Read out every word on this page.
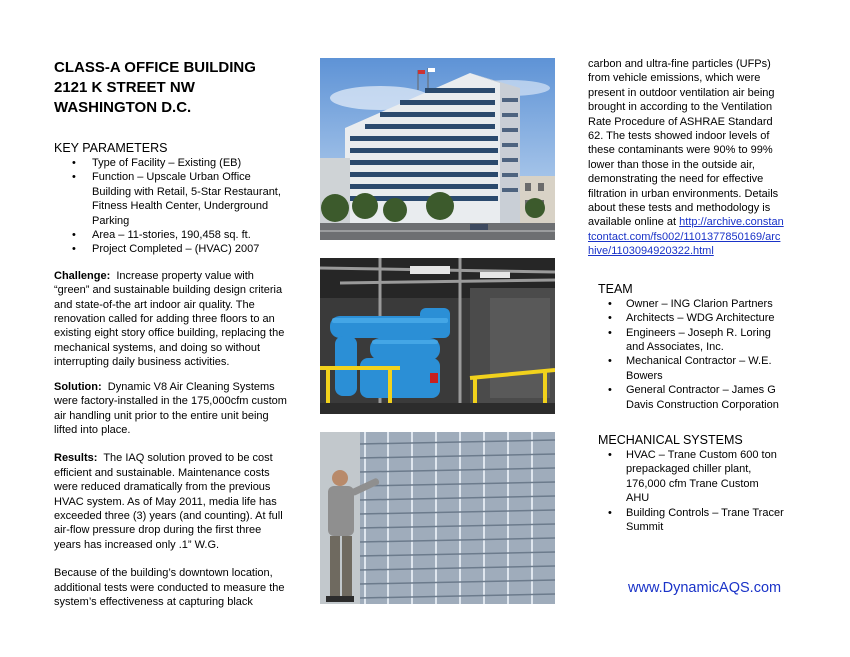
CLASS-A OFFICE BUILDING
2121 K STREET NW
WASHINGTON D.C.
KEY PARAMETERS
• Type of Facility – Existing (EB)
• Function – Upscale Urban Office Building with Retail, 5-Star Restaurant, Fitness Health Center, Underground Parking
• Area – 11-stories, 190,458 sq. ft.
• Project Completed – (HVAC) 2007

Challenge: Increase property value with “green” and sustainable building design criteria and state-of-the art indoor air quality. The renovation called for adding three floors to an existing eight story office building, replacing the mechanical systems, and doing so without interrupting daily business activities.

Solution: Dynamic V8 Air Cleaning Systems were factory-installed in the 175,000cfm custom air handling unit prior to the entire unit being lifted into place.

Results: The IAQ solution proved to be cost efficient and sustainable. Maintenance costs were reduced dramatically from the previous HVAC system. As of May 2011, media life has exceeded three (3) years (and counting). At full air-flow pressure drop during the first three years has increased only .1” W.G.

Because of the building’s downtown location, additional tests were conducted to measure the system’s effectiveness at capturing black

carbon and ultra-fine particles (UFPs) from vehicle emissions, which were present in outdoor ventilation air being brought in according to the Ventilation Rate Procedure of ASHRAE Standard 62. The tests showed indoor levels of these contaminants were 90% to 99% lower than those in the outside air, demonstrating the need for effective filtration in urban environments. Details about these tests and methodology is available online at http://archive.constantcontact.com/fs002/1101377850169/archive/1103094920322.html

TEAM
• Owner – ING Clarion Partners
• Architects – WDG Architecture
• Engineers – Joseph R. Loring and Associates, Inc.
• Mechanical Contractor – W.E. Bowers
• General Contractor – James G Davis Construction Corporation
MECHANICAL SYSTEMS
• HVAC – Trane Custom 600 ton prepackaged chiller plant, 176,000 cfm Trane Custom AHU
• Building Controls – Trane Tracer Summit
www.DynamicAQS.com
